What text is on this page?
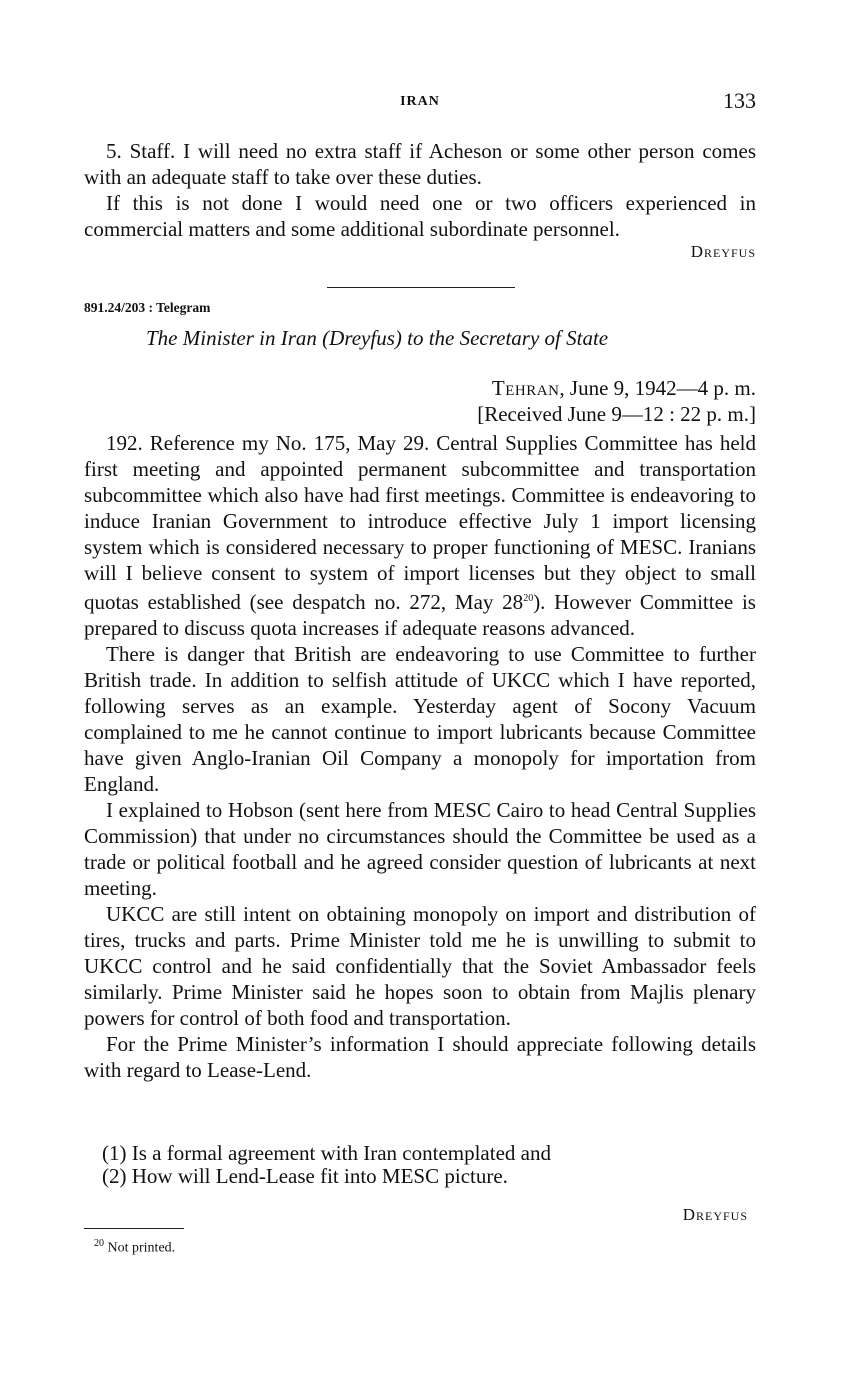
IRAN	133

5. Staff. I will need no extra staff if Acheson or some other person comes with an adequate staff to take over these duties.

If this is not done I would need one or two officers experienced in commercial matters and some additional subordinate personnel.

Dreyfus

891.24/203 : Telegram
The Minister in Iran (Dreyfus) to the Secretary of State
Tehran, June 9, 1942—4 p. m.
[Received June 9—12 : 22 p. m.]

192. Reference my No. 175, May 29. Central Supplies Committee has held first meeting and appointed permanent subcommittee and transportation subcommittee which also have had first meetings. Committee is endeavoring to induce Iranian Government to introduce effective July 1 import licensing system which is considered necessary to proper functioning of MESC. Iranians will I believe consent to system of import licenses but they object to small quotas established (see despatch no. 272, May $28^{20}$). However Committee is prepared to discuss quota increases if adequate reasons advanced.

There is danger that British are endeavoring to use Committee to further British trade. In addition to selfish attitude of UKCC which I have reported, following serves as an example. Yesterday agent of Socony Vacuum complained to me he cannot continue to import lubricants because Committee have given Anglo-Iranian Oil Company a monopoly for importation from England.

I explained to Hobson (sent here from MESC Cairo to head Central Supplies Commission) that under no circumstances should the Committee be used as a trade or political football and he agreed consider question of lubricants at next meeting.

UKCC are still intent on obtaining monopoly on import and distribution of tires, trucks and parts. Prime Minister told me he is unwilling to submit to UKCC control and he said confidentially that the Soviet Ambassador feels similarly. Prime Minister said he hopes soon to obtain from Majlis plenary powers for control of both food and transportation.

For the Prime Minister’s information I should appreciate following details with regard to Lease-Lend.

(1) Is a formal agreement with Iran contemplated and
(2) How will Lend-Lease fit into MESC picture.
Dreyfus
$^{20}$ Not printed.
